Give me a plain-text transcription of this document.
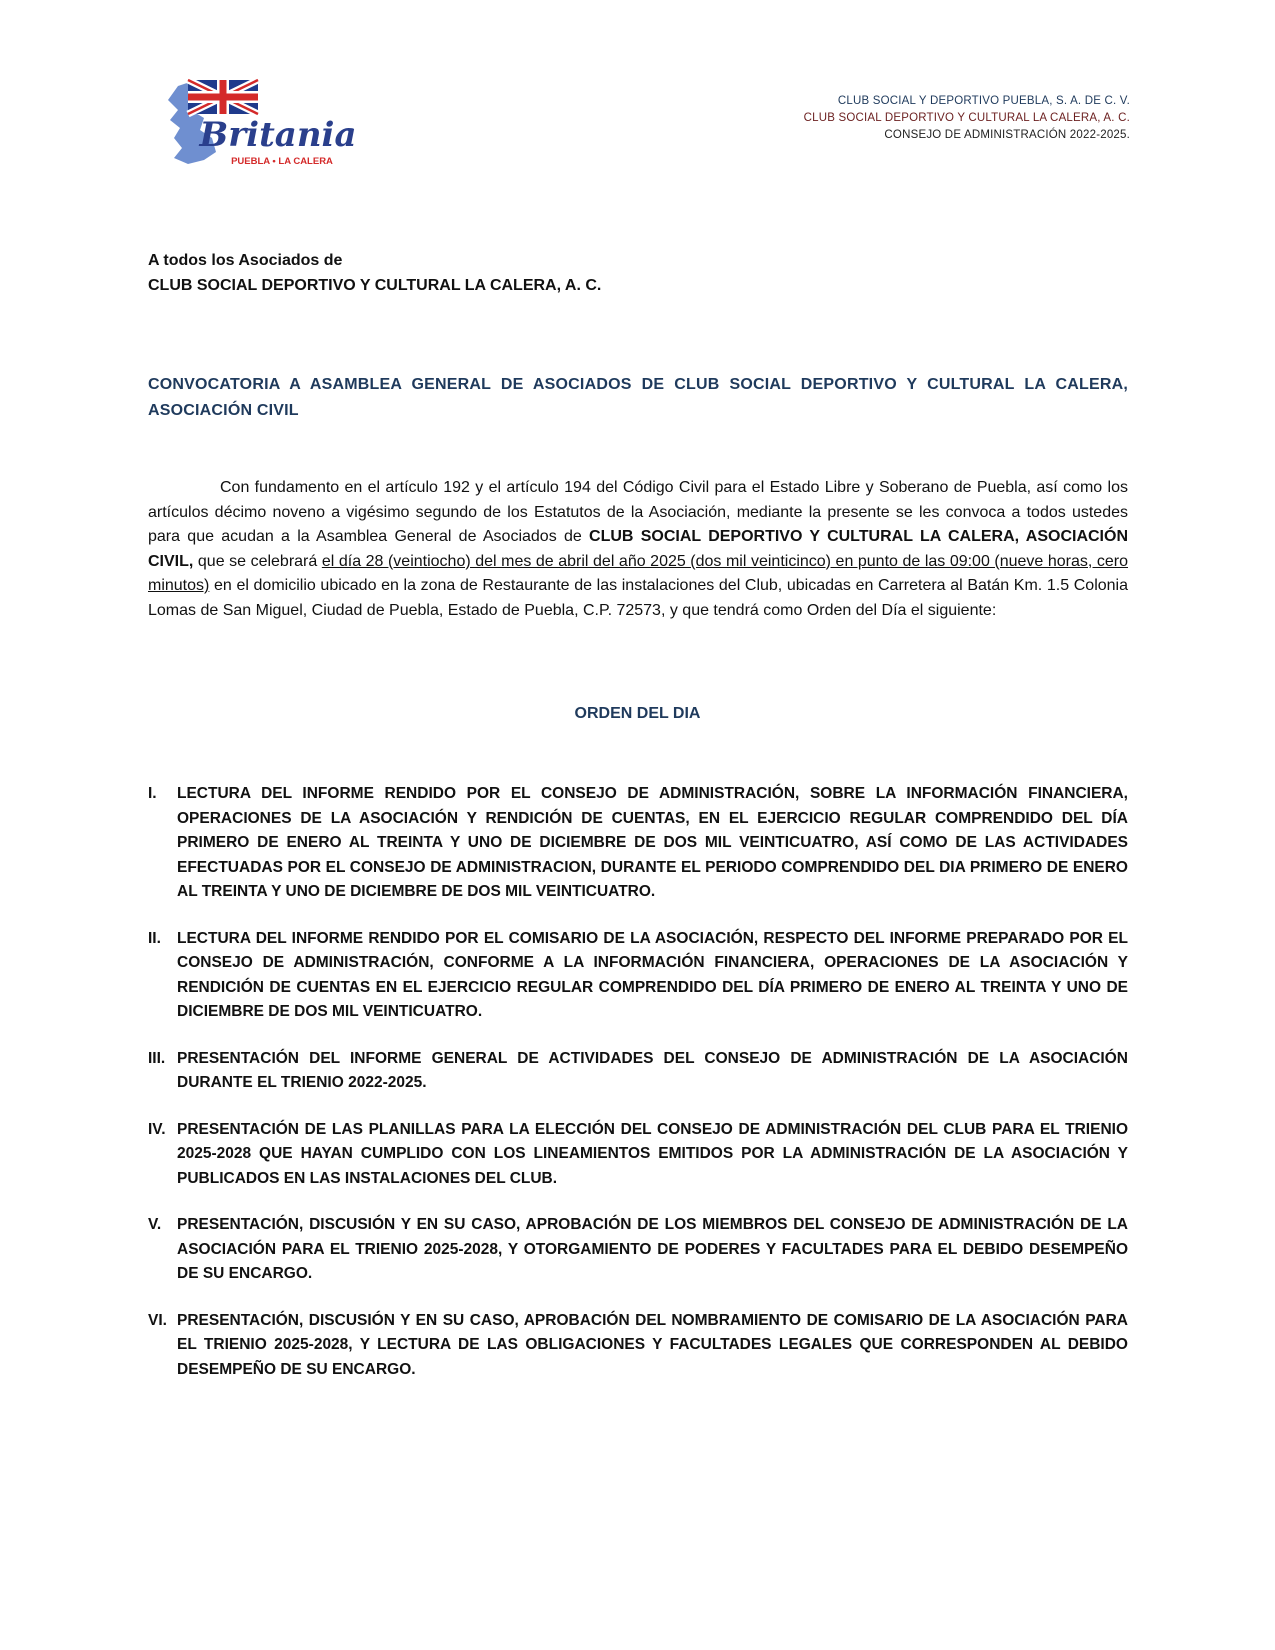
Britania
PUEBLA • LA CALERA
CLUB SOCIAL Y DEPORTIVO PUEBLA, S. A. DE C. V.
CLUB SOCIAL DEPORTIVO Y CULTURAL LA CALERA, A. C.
CONSEJO DE ADMINISTRACIÓN 2022-2025.
A todos los Asociados de
CLUB SOCIAL DEPORTIVO Y CULTURAL LA CALERA, A. C.
CONVOCATORIA A ASAMBLEA GENERAL DE ASOCIADOS DE CLUB SOCIAL DEPORTIVO Y CULTURAL LA CALERA, ASOCIACIÓN CIVIL
Con fundamento en el artículo 192 y el artículo 194 del Código Civil para el Estado Libre y Soberano de Puebla, así como los artículos décimo noveno a vigésimo segundo de los Estatutos de la Asociación, mediante la presente se les convoca a todos ustedes para que acudan a la Asamblea General de Asociados de CLUB SOCIAL DEPORTIVO Y CULTURAL LA CALERA, ASOCIACIÓN CIVIL, que se celebrará el día 28 (veintiocho) del mes de abril del año 2025 (dos mil veinticinco) en punto de las 09:00 (nueve horas, cero minutos) en el domicilio ubicado en la zona de Restaurante de las instalaciones del Club, ubicadas en Carretera al Batán Km. 1.5 Colonia Lomas de San Miguel, Ciudad de Puebla, Estado de Puebla, C.P. 72573, y que tendrá como Orden del Día el siguiente:
ORDEN DEL DIA
I.	LECTURA DEL INFORME RENDIDO POR EL CONSEJO DE ADMINISTRACIÓN, SOBRE LA INFORMACIÓN FINANCIERA, OPERACIONES DE LA ASOCIACIÓN Y RENDICIÓN DE CUENTAS, EN EL EJERCICIO REGULAR COMPRENDIDO DEL DÍA PRIMERO DE ENERO AL TREINTA Y UNO DE DICIEMBRE DE DOS MIL VEINTICUATRO, ASÍ COMO DE LAS ACTIVIDADES EFECTUADAS POR EL CONSEJO DE ADMINISTRACION, DURANTE EL PERIODO COMPRENDIDO DEL DIA PRIMERO DE ENERO AL TREINTA Y UNO DE DICIEMBRE DE DOS MIL VEINTICUATRO.
II.	LECTURA DEL INFORME RENDIDO POR EL COMISARIO DE LA ASOCIACIÓN, RESPECTO DEL INFORME PREPARADO POR EL CONSEJO DE ADMINISTRACIÓN, CONFORME A LA INFORMACIÓN FINANCIERA, OPERACIONES DE LA ASOCIACIÓN Y RENDICIÓN DE CUENTAS EN EL EJERCICIO REGULAR COMPRENDIDO DEL DÍA PRIMERO DE ENERO AL TREINTA Y UNO DE DICIEMBRE DE DOS MIL VEINTICUATRO.
III. PRESENTACIÓN DEL INFORME GENERAL DE ACTIVIDADES DEL CONSEJO DE ADMINISTRACIÓN DE LA ASOCIACIÓN DURANTE EL TRIENIO 2022-2025.
IV. PRESENTACIÓN DE LAS PLANILLAS PARA LA ELECCIÓN DEL CONSEJO DE ADMINISTRACIÓN DEL CLUB PARA EL TRIENIO 2025-2028 QUE HAYAN CUMPLIDO CON LOS LINEAMIENTOS EMITIDOS POR LA ADMINISTRACIÓN DE LA ASOCIACIÓN Y PUBLICADOS EN LAS INSTALACIONES DEL CLUB.
V.	PRESENTACIÓN, DISCUSIÓN Y EN SU CASO, APROBACIÓN DE LOS MIEMBROS DEL CONSEJO DE ADMINISTRACIÓN DE LA ASOCIACIÓN PARA EL TRIENIO 2025-2028, Y OTORGAMIENTO DE PODERES Y FACULTADES PARA EL DEBIDO DESEMPEÑO DE SU ENCARGO.
VI. PRESENTACIÓN, DISCUSIÓN Y EN SU CASO, APROBACIÓN DEL NOMBRAMIENTO DE COMISARIO DE LA ASOCIACIÓN PARA EL TRIENIO 2025-2028, Y LECTURA DE LAS OBLIGACIONES Y FACULTADES LEGALES QUE CORRESPONDEN AL DEBIDO DESEMPEÑO DE SU ENCARGO.
